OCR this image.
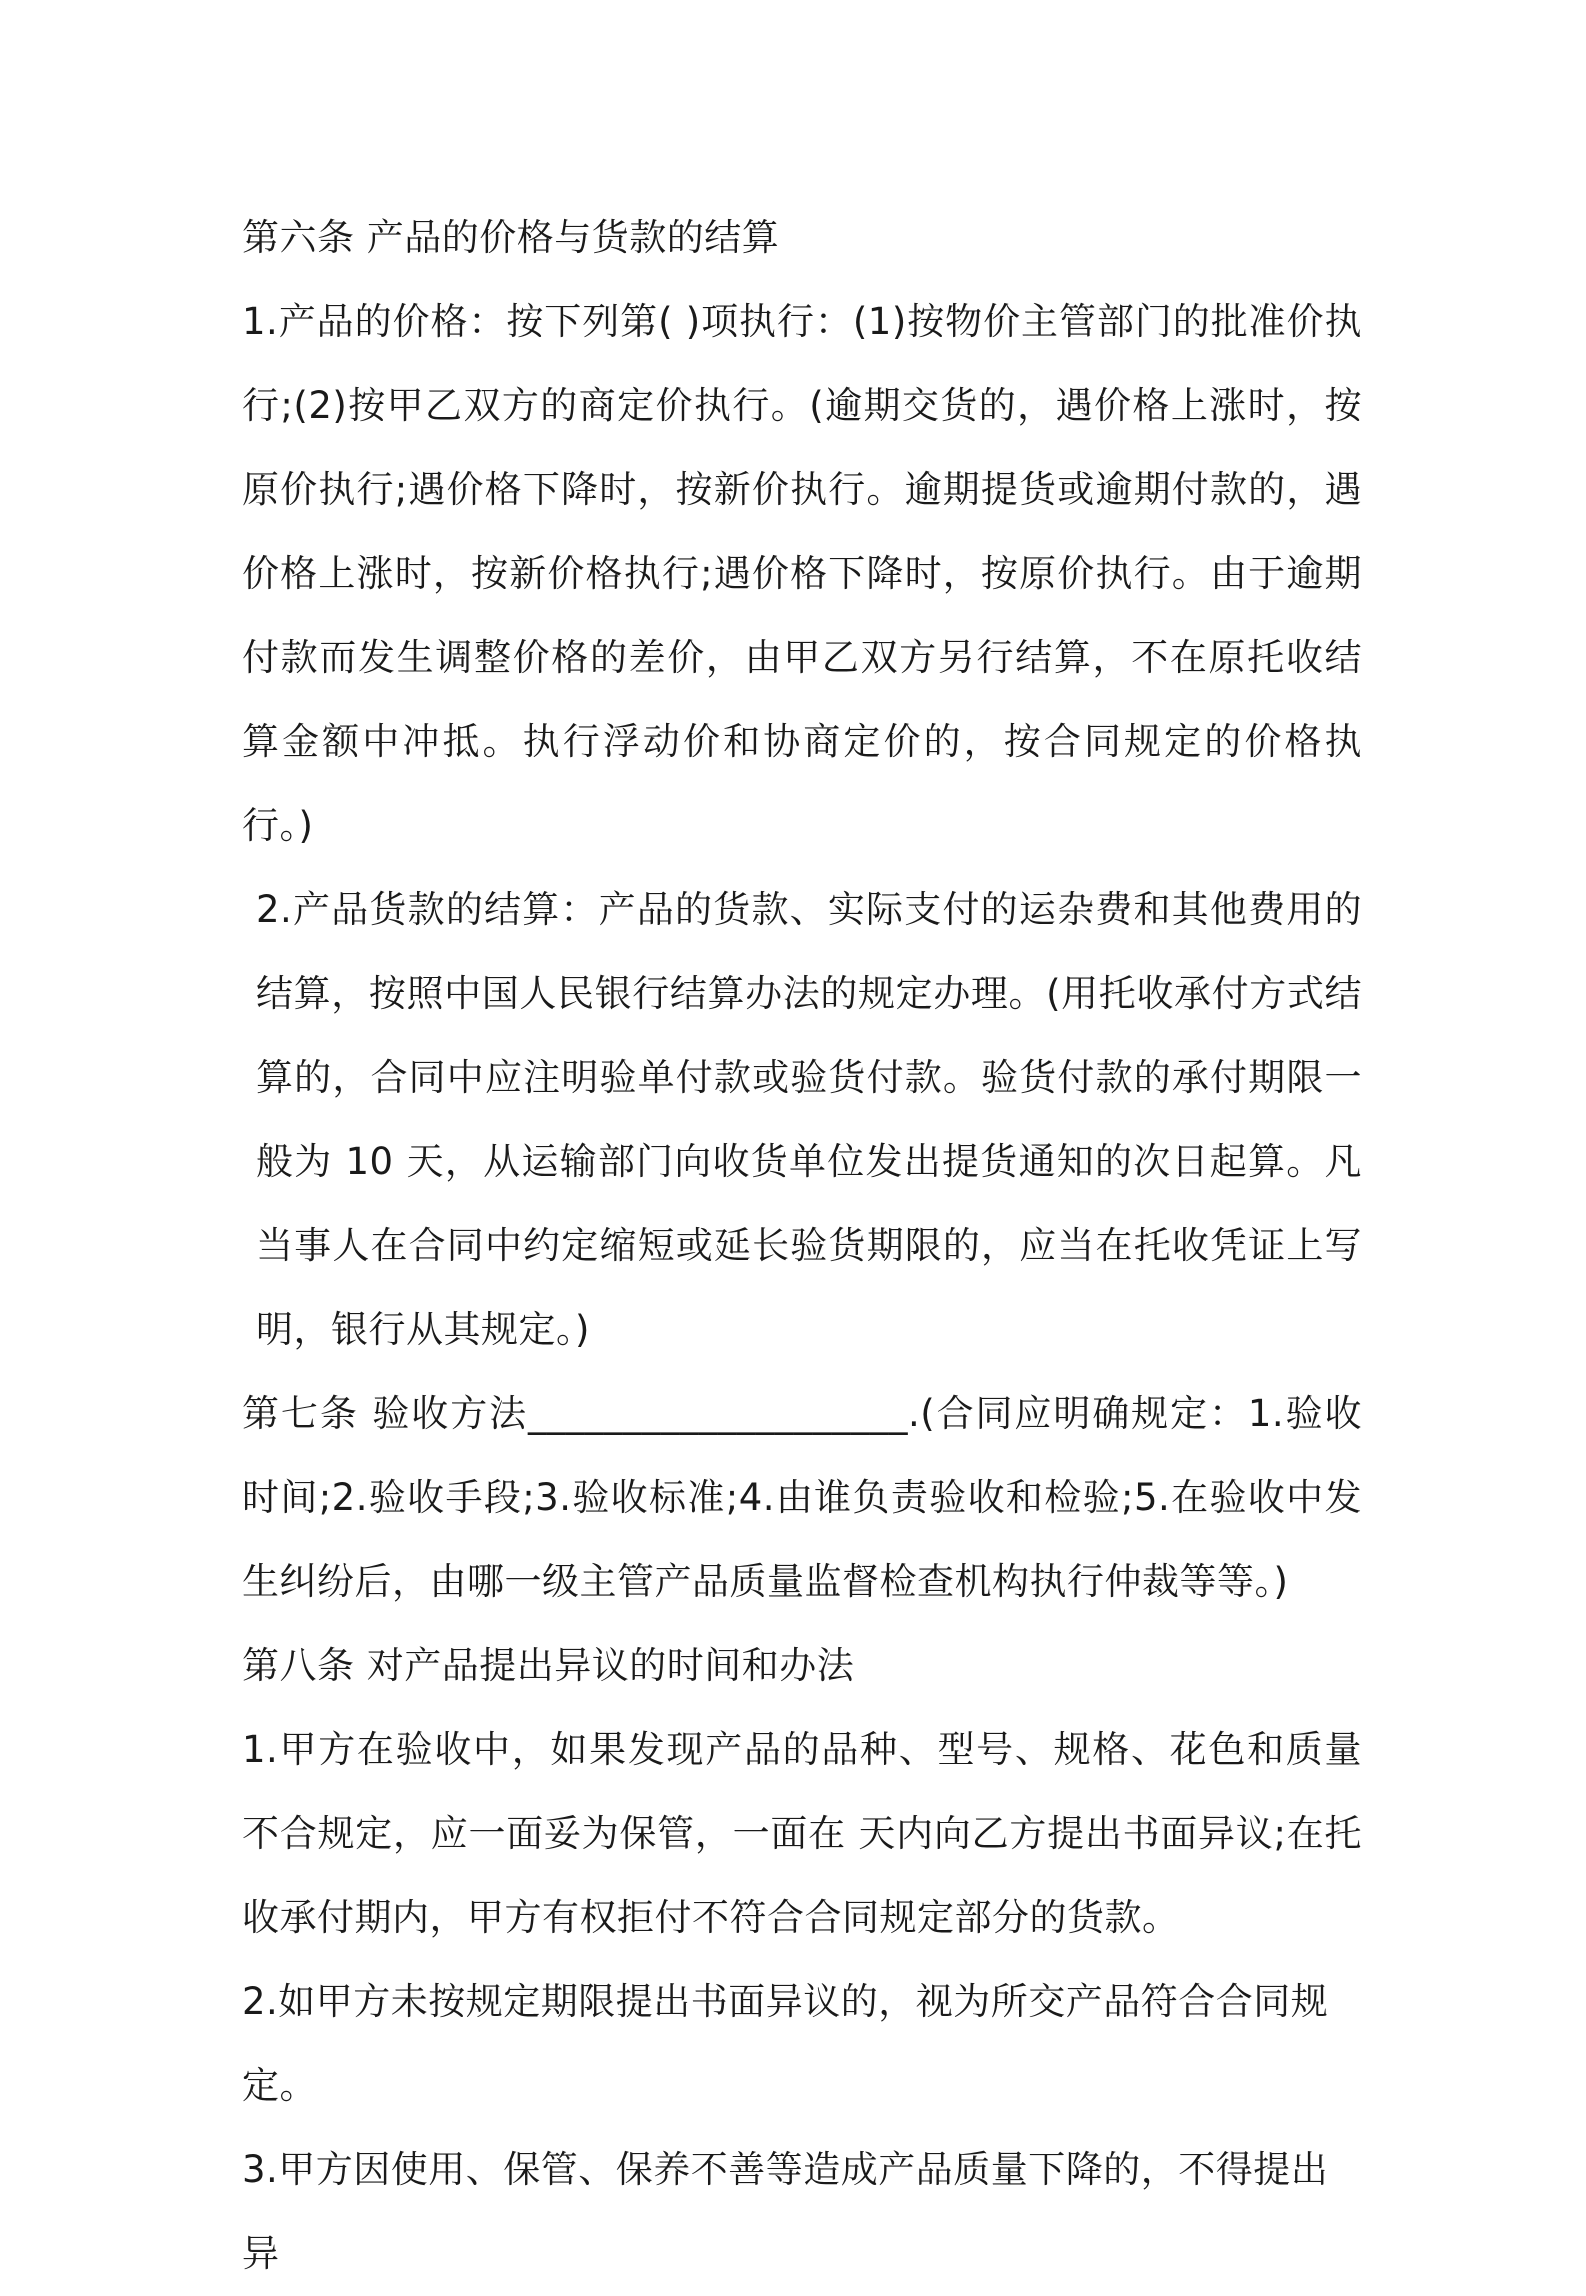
第六条 产品的价格与货款的结算

1.产品的价格：按下列第( )项执行：(1)按物价主管部门的批准价执行;(2)按甲乙双方的商定价执行。(逾期交货的，遇价格上涨时，按原价执行;遇价格下降时，按新价执行。逾期提货或逾期付款的，遇价格上涨时，按新价格执行;遇价格下降时，按原价执行。由于逾期付款而发生调整价格的差价，由甲乙双方另行结算，不在原托收结算金额中冲抵。执行浮动价和协商定价的，按合同规定的价格执行。)

2.产品货款的结算：产品的货款、实际支付的运杂费和其他费用的结算，按照中国人民银行结算办法的规定办理。(用托收承付方式结算的，合同中应注明验单付款或验货付款。验货付款的承付期限一般为 10 天，从运输部门向收货单位发出提货通知的次日起算。凡当事人在合同中约定缩短或延长验货期限的，应当在托收凭证上写明，银行从其规定。)

第七条 验收方法____________________.(合同应明确规定：1.验收时间;2.验收手段;3.验收标准;4.由谁负责验收和检验;5.在验收中发生纠纷后，由哪一级主管产品质量监督检查机构执行仲裁等等。)

第八条 对产品提出异议的时间和办法

1.甲方在验收中，如果发现产品的品种、型号、规格、花色和质量不合规定，应一面妥为保管，一面在 天内向乙方提出书面异议;在托收承付期内，甲方有权拒付不符合合同规定部分的货款。

2.如甲方未按规定期限提出书面异议的，视为所交产品符合合同规定。

3.甲方因使用、保管、保养不善等造成产品质量下降的，不得提出异
